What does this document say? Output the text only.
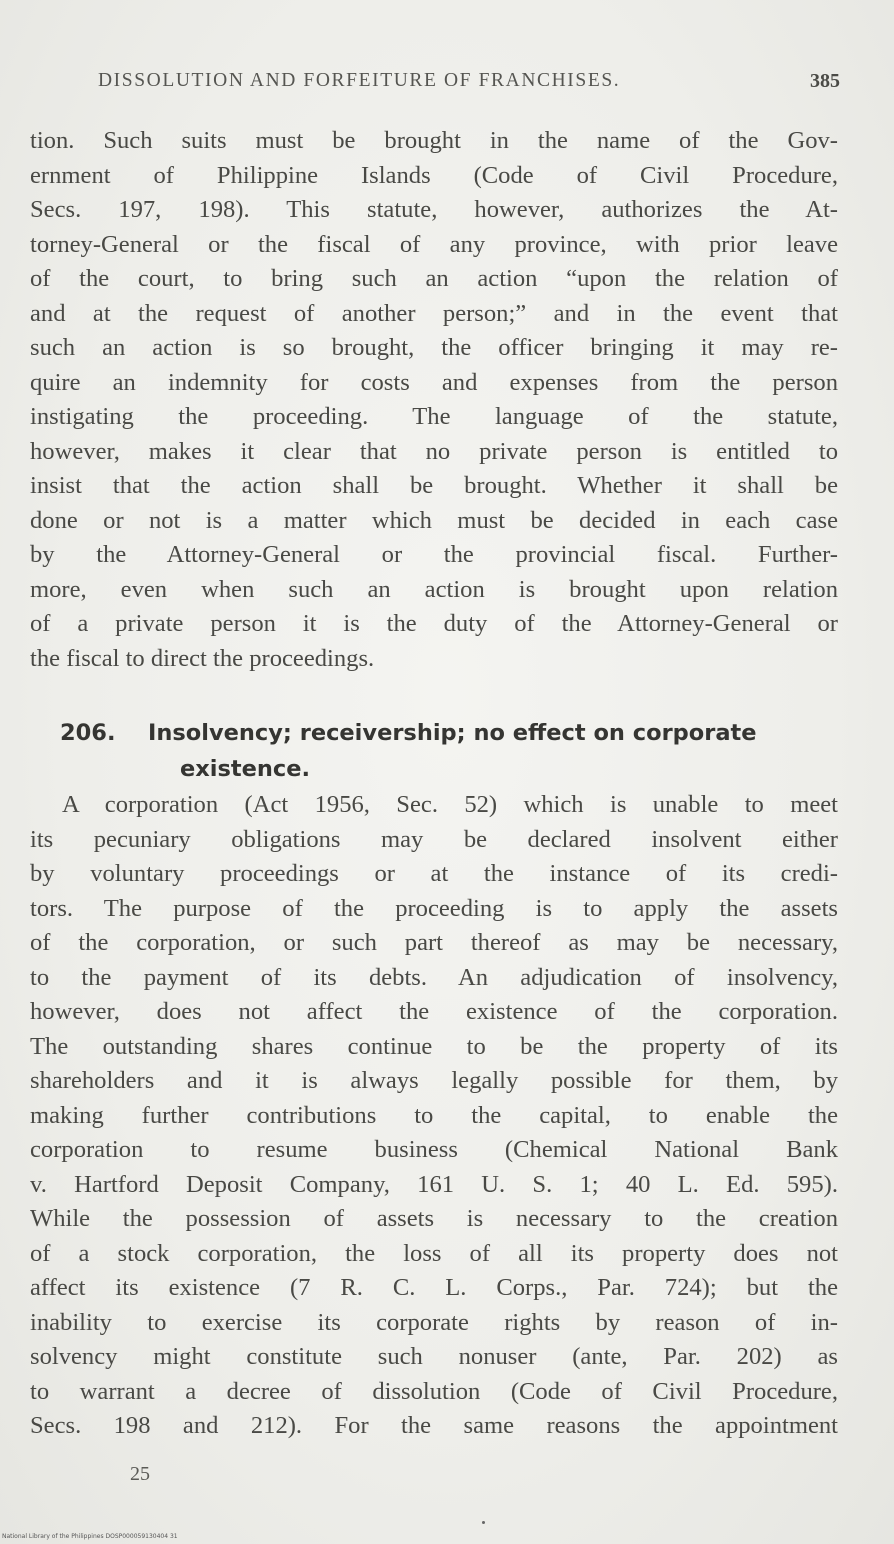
DISSOLUTION AND FORFEITURE OF FRANCHISES.	385
tion. Such suits must be brought in the name of the Gov-
ernment of Philippine Islands (Code of Civil Procedure,
Secs. 197, 198). This statute, however, authorizes the At-
torney-General or the fiscal of any province, with prior leave
of the court, to bring such an action “upon the relation of
and at the request of another person;” and in the event that
such an action is so brought, the officer bringing it may re-
quire an indemnity for costs and expenses from the person
instigating the proceeding. The language of the statute,
however, makes it clear that no private person is entitled to
insist that the action shall be brought. Whether it shall be
done or not is a matter which must be decided in each case
by the Attorney-General or the provincial fiscal. Further-
more, even when such an action is brought upon relation
of a private person it is the duty of the Attorney-General or
the fiscal to direct the proceedings.
206. Insolvency; receivership; no effect on corporate
existence.
A corporation (Act 1956, Sec. 52) which is unable to meet
its pecuniary obligations may be declared insolvent either
by voluntary proceedings or at the instance of its credi-
tors. The purpose of the proceeding is to apply the assets
of the corporation, or such part thereof as may be necessary,
to the payment of its debts. An adjudication of insolvency,
however, does not affect the existence of the corporation.
The outstanding shares continue to be the property of its
shareholders and it is always legally possible for them, by
making further contributions to the capital, to enable the
corporation to resume business (Chemical National Bank
v. Hartford Deposit Company, 161 U. S. 1; 40 L. Ed. 595).
While the possession of assets is necessary to the creation
of a stock corporation, the loss of all its property does not
affect its existence (7 R. C. L. Corps., Par. 724); but the
inability to exercise its corporate rights by reason of in-
solvency might constitute such nonuser (ante, Par. 202) as
to warrant a decree of dissolution (Code of Civil Procedure,
Secs. 198 and 212). For the same reasons the appointment
25
National Library of the Philippines DOSP000059130404 31
